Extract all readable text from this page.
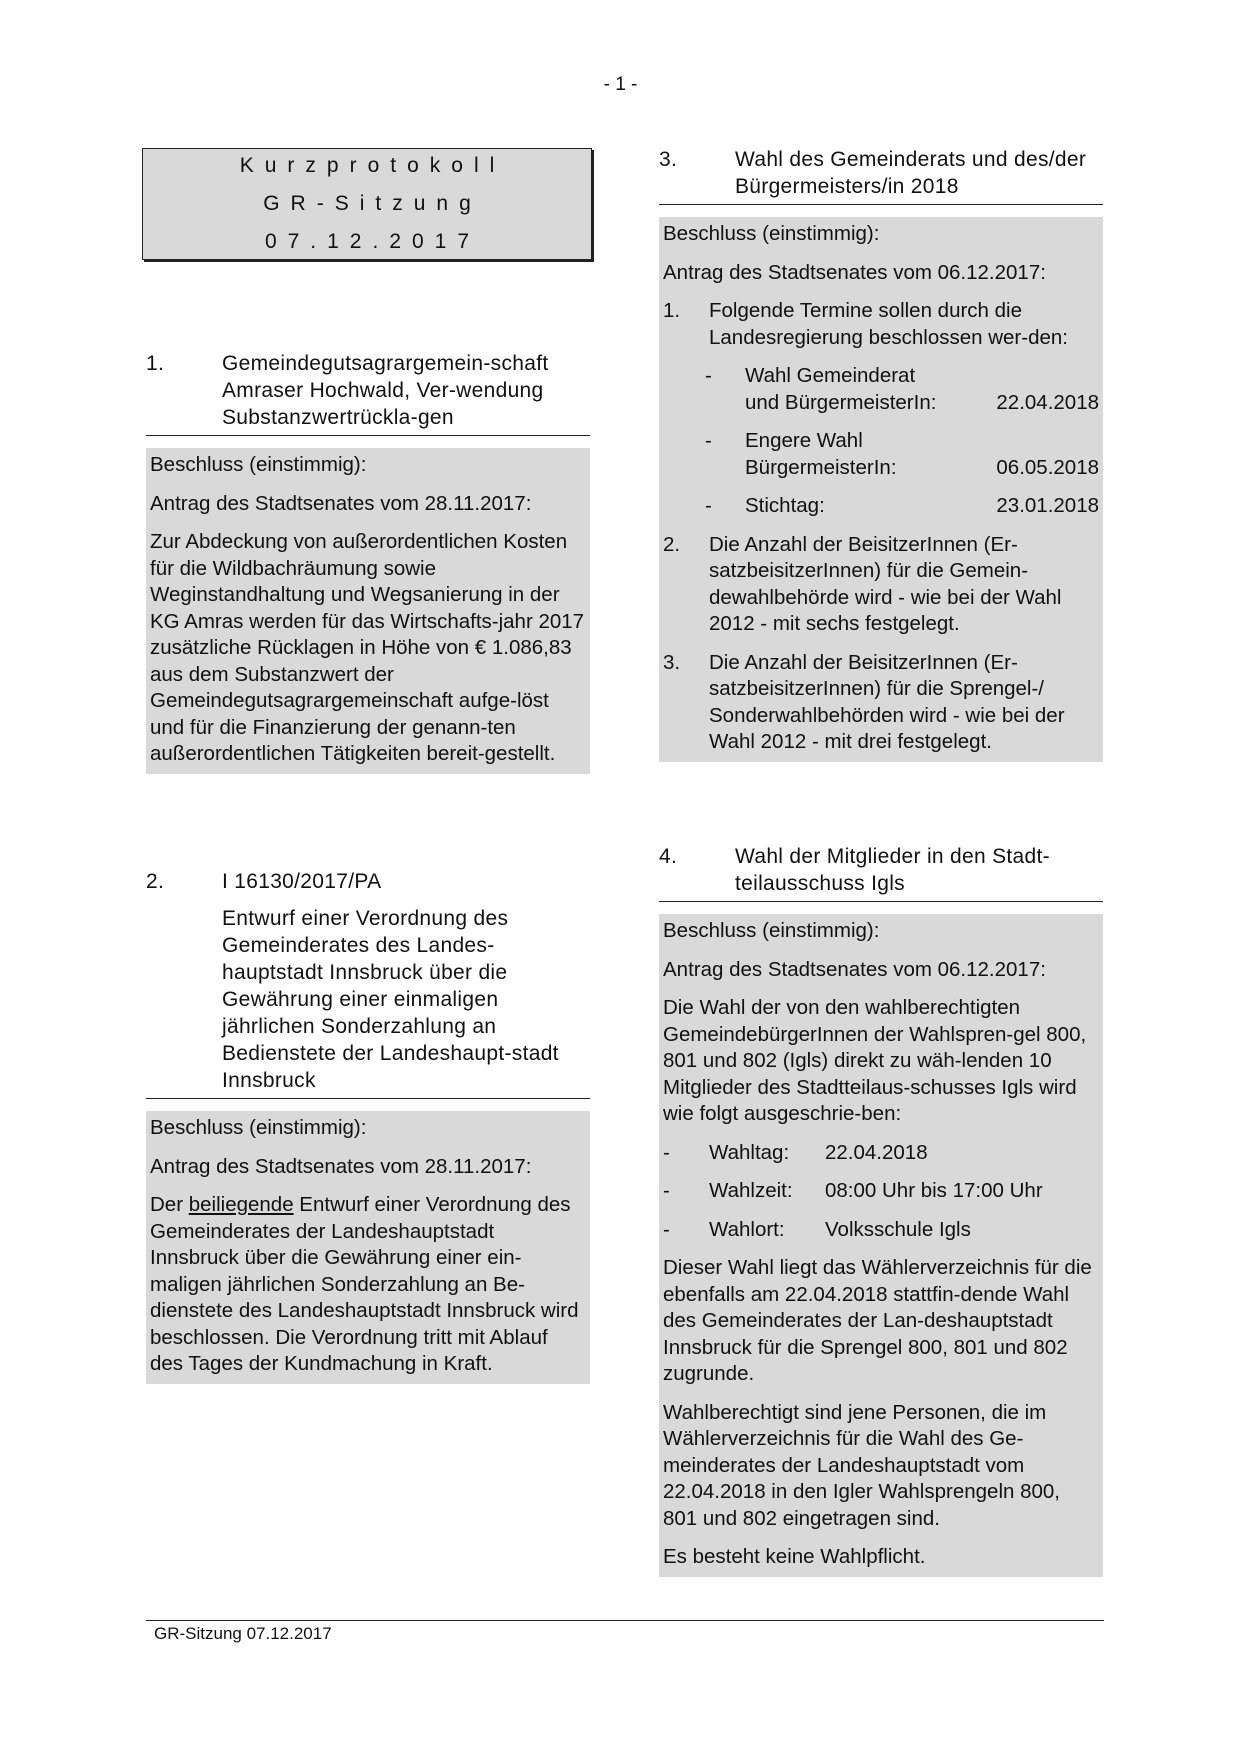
- 1 -
Kurzprotokoll
GR-Sitzung
07.12.2017
1.	Gemeindegutsagrargemein-schaft Amraser Hochwald, Ver-wendung Substanzwertrückla-gen

Beschluss (einstimmig):

Antrag des Stadtsenates vom 28.11.2017:

Zur Abdeckung von außerordentlichen Kosten für die Wildbachräumung sowie Weginstandhaltung und Wegsanierung in der KG Amras werden für das Wirtschafts-jahr 2017 zusätzliche Rücklagen in Höhe von € 1.086,83 aus dem Substanzwert der Gemeindegutsagrargemeinschaft aufge-löst und für die Finanzierung der genann-ten außerordentlichen Tätigkeiten bereit-gestellt.

2.	I 16130/2017/PA
Entwurf einer Verordnung des Gemeinderates des Landes-hauptstadt Innsbruck über die Gewährung einer einmaligen jährlichen Sonderzahlung an Bedienstete der Landeshaupt-stadt Innsbruck

Beschluss (einstimmig):

Antrag des Stadtsenates vom 28.11.2017:

Der beiliegende Entwurf einer Verordnung des Gemeinderates der Landeshauptstadt Innsbruck über die Gewährung einer ein-maligen jährlichen Sonderzahlung an Be-dienstete des Landeshauptstadt Innsbruck wird beschlossen. Die Verordnung tritt mit Ablauf des Tages der Kundmachung in Kraft.

3.	Wahl des Gemeinderats und des/der Bürgermeisters/in 2018

Beschluss (einstimmig):

Antrag des Stadtsenates vom 06.12.2017:

1.	Folgende Termine sollen durch die Landesregierung beschlossen wer-den:
-	Wahl Gemeinderat und BürgermeisterIn:	22.04.2018
-	Engere Wahl BürgermeisterIn:	06.05.2018
-	Stichtag:	23.01.2018
2.	Die Anzahl der BeisitzerInnen (Er-satzbeisitzerInnen) für die Gemein-dewahlbehörde wird - wie bei der Wahl 2012 - mit sechs festgelegt.
3.	Die Anzahl der BeisitzerInnen (Er-satzbeisitzerInnen) für die Sprengel-/ Sonderwahlbehörden wird - wie bei der Wahl 2012 - mit drei festgelegt.
4.	Wahl der Mitglieder in den Stadt-teilausschuss Igls

Beschluss (einstimmig):

Antrag des Stadtsenates vom 06.12.2017:

Die Wahl der von den wahlberechtigten GemeindebürgerInnen der Wahlspren-gel 800, 801 und 802 (Igls) direkt zu wäh-lenden 10 Mitglieder des Stadtteilaus-schusses Igls wird wie folgt ausgeschrie-ben:

-	Wahltag:	22.04.2018
-	Wahlzeit:	08:00 Uhr bis 17:00 Uhr
-	Wahlort:	Volksschule Igls

Dieser Wahl liegt das Wählerverzeichnis für die ebenfalls am 22.04.2018 stattfin-dende Wahl des Gemeinderates der Lan-deshauptstadt Innsbruck für die Sprengel 800, 801 und 802 zugrunde.

Wahlberechtigt sind jene Personen, die im Wählerverzeichnis für die Wahl des Ge-meinderates der Landeshauptstadt vom 22.04.2018 in den Igler Wahlsprengeln 800, 801 und 802 eingetragen sind.

Es besteht keine Wahlpflicht.

GR-Sitzung 07.12.2017
